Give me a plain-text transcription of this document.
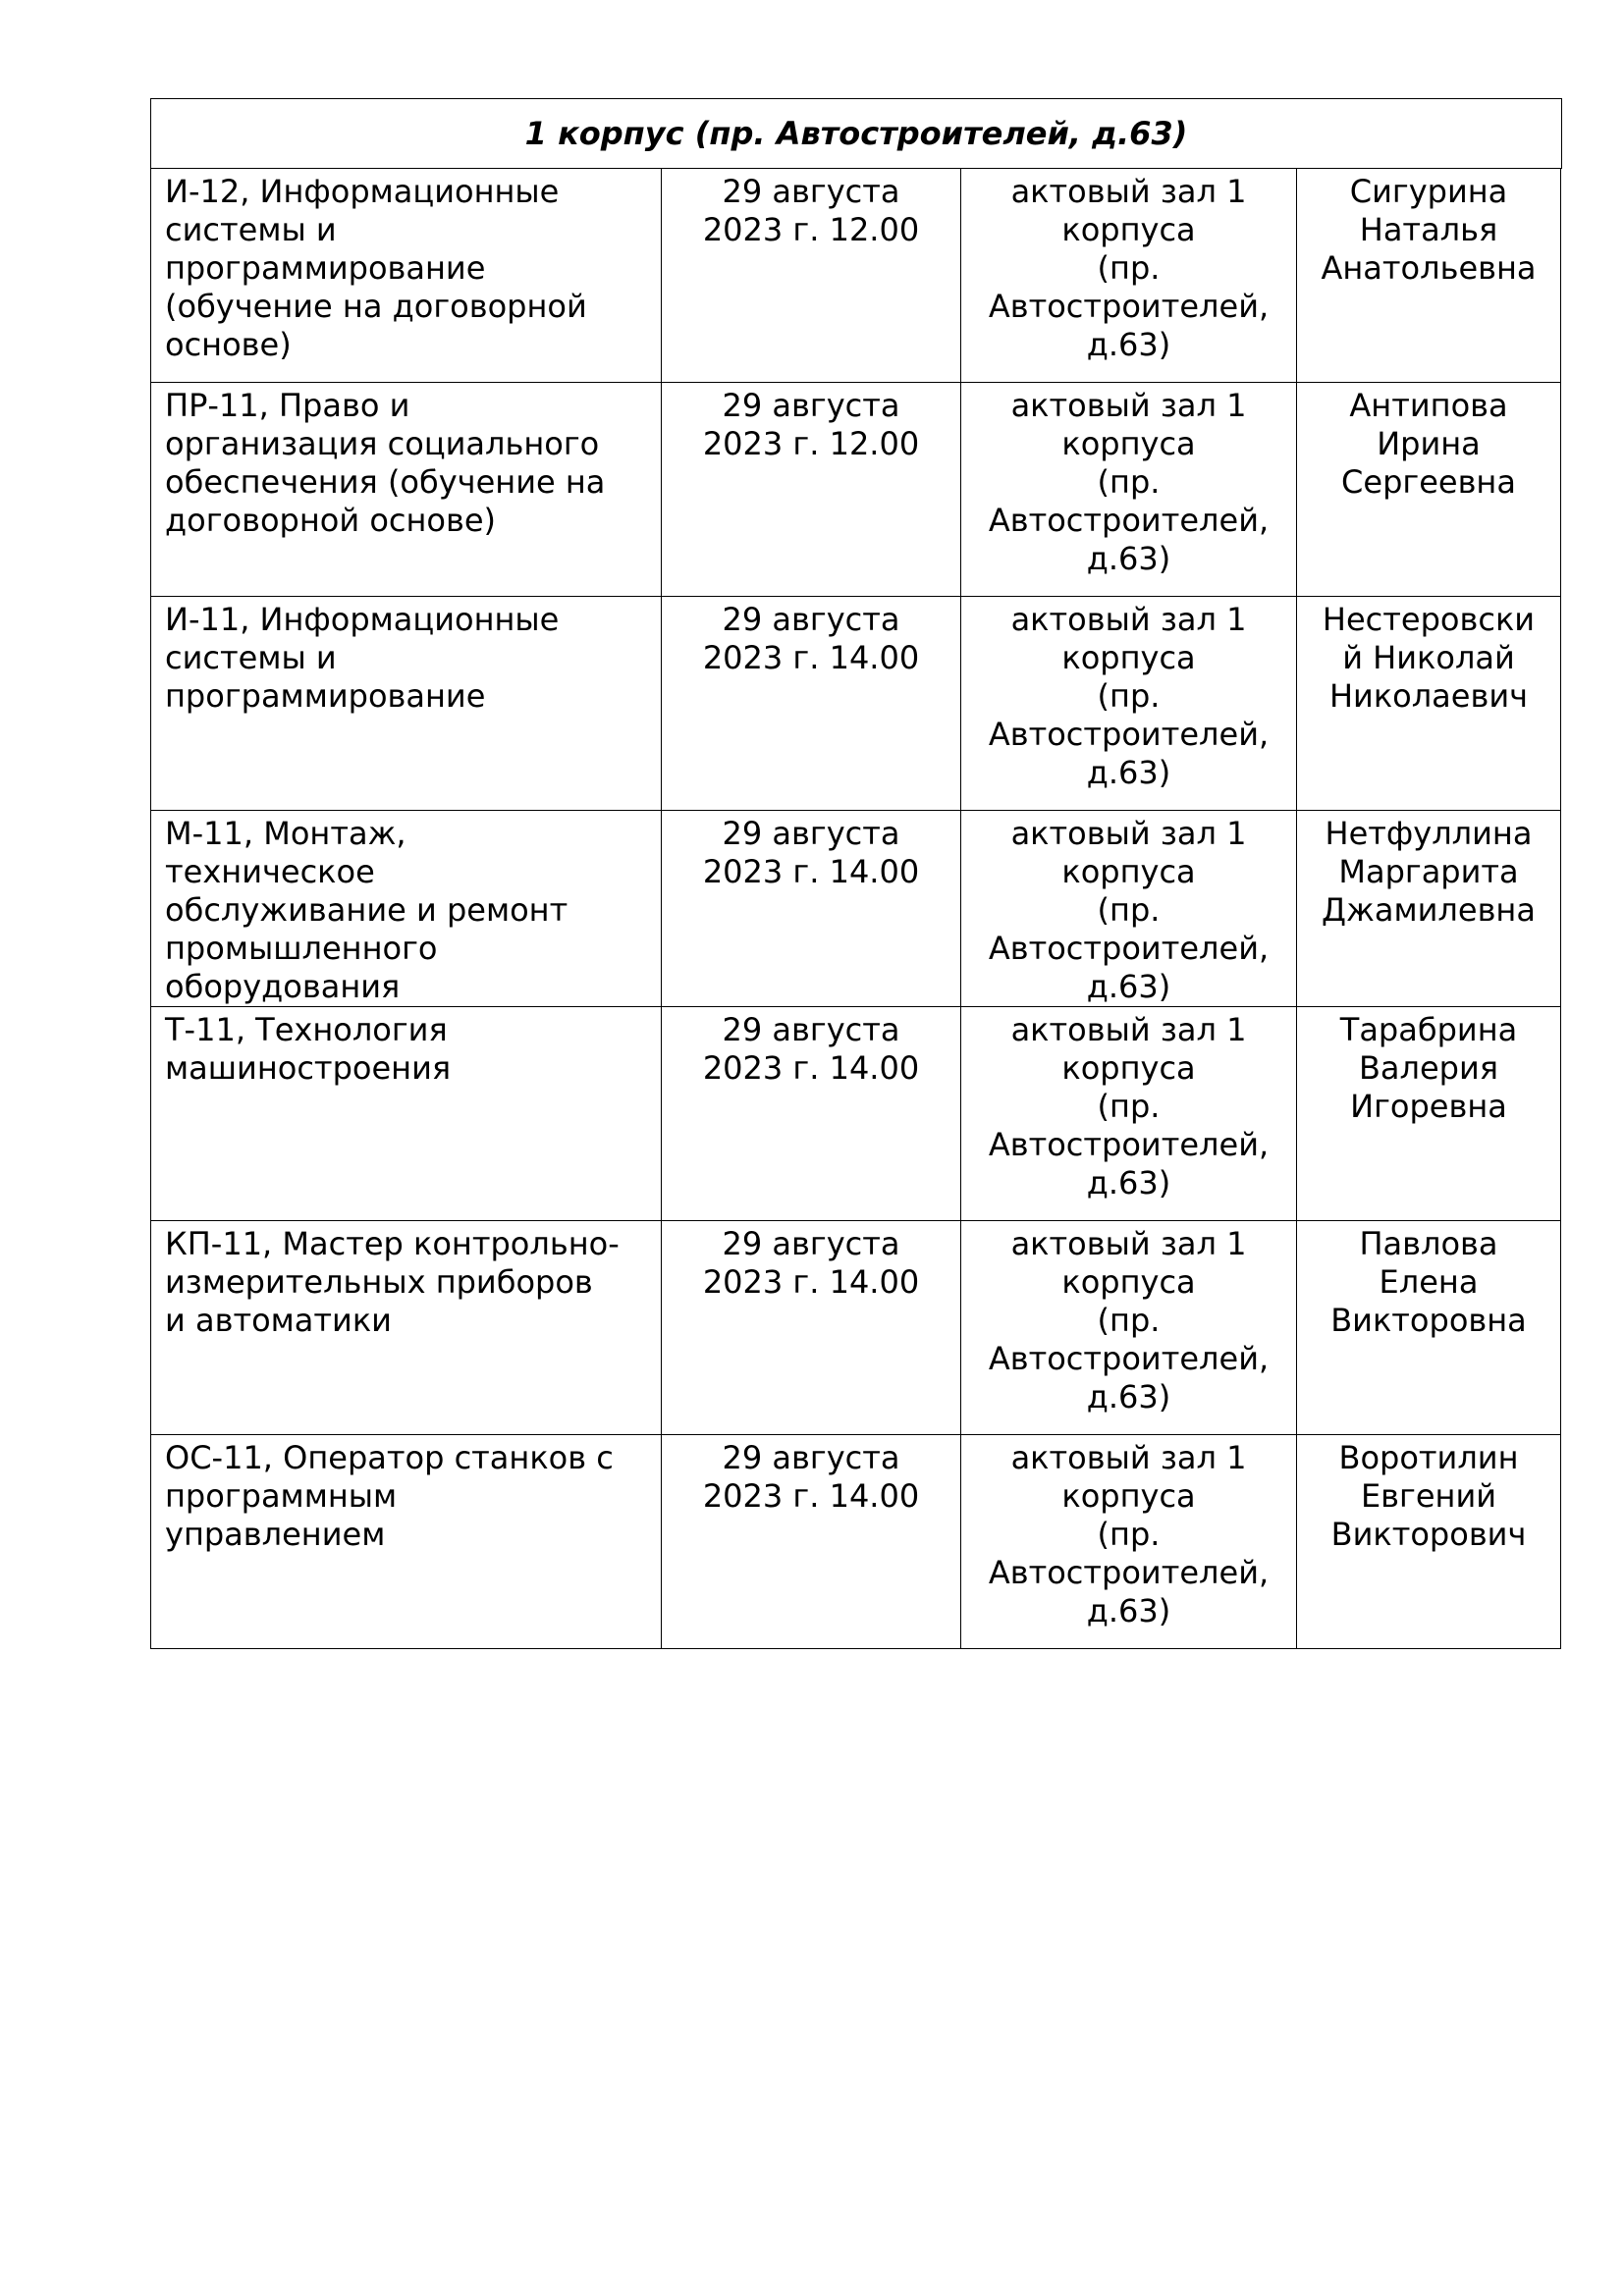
1 корпус (пр. Автостроителей, д.63)
И-12, Информационные
системы и
программирование
(обучение на договорной
основе)	29 августа
2023 г. 12.00	актовый зал 1
корпуса
(пр.
Автостроителей,
д.63)	Сигурина
Наталья
Анатольевна

ПР-11, Право и
организация социального
обеспечения (обучение на
договорной основе)	29 августа
2023 г. 12.00	актовый зал 1
корпуса
(пр.
Автостроителей,
д.63)	Антипова
Ирина
Сергеевна

И-11, Информационные
системы и
программирование	29 августа
2023 г. 14.00	актовый зал 1
корпуса
(пр.
Автостроителей,
д.63)	Нестеровски
й Николай
Николаевич

М-11, Монтаж,
техническое
обслуживание и ремонт
промышленного
оборудования	29 августа
2023 г. 14.00	актовый зал 1
корпуса
(пр.
Автостроителей,
д.63)	Нетфуллина
Маргарита
Джамилевна

Т-11, Технология
машиностроения	29 августа
2023 г. 14.00	актовый зал 1
корпуса
(пр.
Автостроителей,
д.63)	Тарабрина
Валерия
Игоревна

КП-11, Мастер контрольно-
измерительных приборов
и автоматики	29 августа
2023 г. 14.00	актовый зал 1
корпуса
(пр.
Автостроителей,
д.63)	Павлова
Елена
Викторовна

ОС-11, Оператор станков с
программным
управлением	29 августа
2023 г. 14.00	актовый зал 1
корпуса
(пр.
Автостроителей,
д.63)	Воротилин
Евгений
Викторович
